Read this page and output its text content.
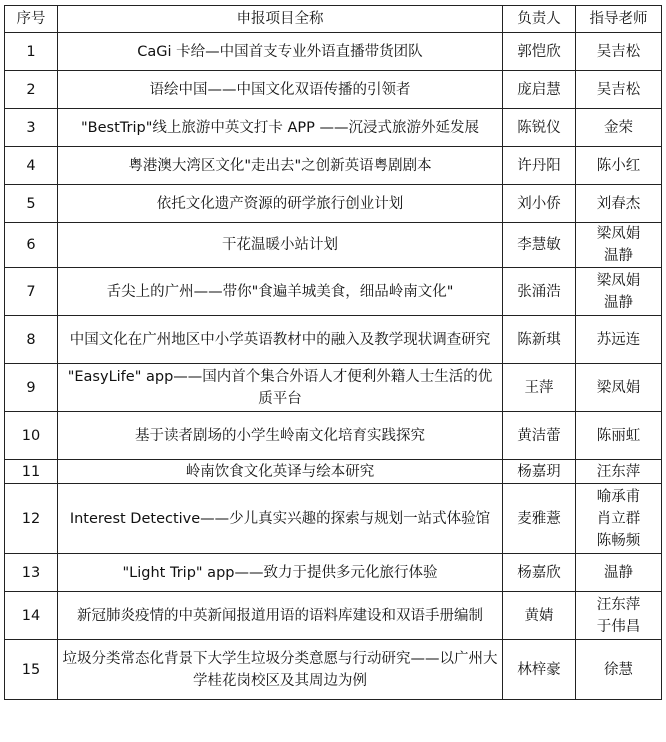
序号	申报项目全称	负责人	指导老师
1	CaGi 卡给—中国首支专业外语直播带货团队	郭恺欣	吴吉松

2	语绘中国——中国文化双语传播的引领者	庞启慧	吴吉松

3	"BestTrip"线上旅游中英文打卡 APP ——沉浸式旅游外延发展	陈锐仪	金荣

4	粤港澳大湾区文化"走出去"之创新英语粤剧剧本	许丹阳	陈小红

5	依托文化遗产资源的研学旅行创业计划	刘小侨	刘春杰

6	干花温暖小站计划	李慧敏	梁凤娟
温静

7	舌尖上的广州——带你"食遍羊城美食，细品岭南文化"	张涌浩	梁凤娟
温静

8	中国文化在广州地区中小学英语教材中的融入及教学现状调查研究	陈新琪	苏远连

9	"EasyLife" app——国内首个集合外语人才便利外籍人士生活的优质平台	王萍	梁凤娟

10	基于读者剧场的小学生岭南文化培育实践探究	黄洁蕾	陈丽虹

11	岭南饮食文化英译与绘本研究	杨嘉玥	汪东萍

12	Interest Detective——少儿真实兴趣的探索与规划一站式体验馆	麦雅薏	喻承甫
肖立群
陈畅频

13	"Light Trip" app——致力于提供多元化旅行体验	杨嘉欣	温静

14	新冠肺炎疫情的中英新闻报道用语的语料库建设和双语手册编制	黄婧	汪东萍
于伟昌

15	垃圾分类常态化背景下大学生垃圾分类意愿与行动研究——以广州大学桂花岗校区及其周边为例	林梓豪	徐慧
